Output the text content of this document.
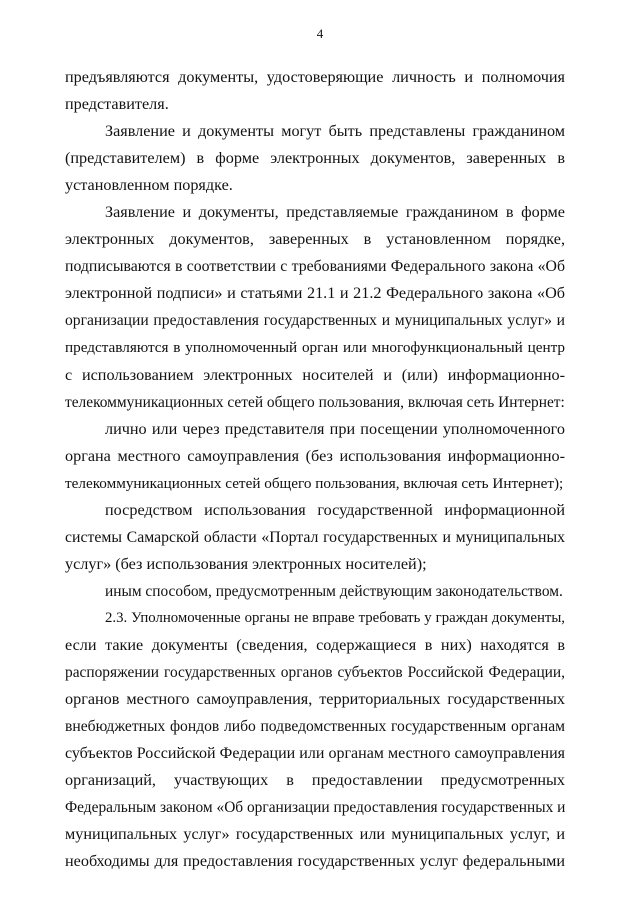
4
предъявляются документы, удостоверяющие личность и полномочия
представителя.
Заявление и документы могут быть представлены гражданином
(представителем) в форме электронных документов, заверенных в
установленном порядке.
Заявление и документы, представляемые гражданином в форме
электронных документов, заверенных в установленном порядке,
подписываются в соответствии с требованиями Федерального закона «Об
электронной подписи» и статьями 21.1 и 21.2 Федерального закона «Об
организации предоставления государственных и муниципальных услуг» и
представляются в уполномоченный орган или многофункциональный центр
с использованием электронных носителей и (или) информационно-
телекоммуникационных сетей общего пользования, включая сеть Интернет:
лично или через представителя при посещении уполномоченного
органа местного самоуправления (без использования информационно-
телекоммуникационных сетей общего пользования, включая сеть Интернет);
посредством использования государственной информационной
системы Самарской области «Портал государственных и муниципальных
услуг» (без использования электронных носителей);
иным способом, предусмотренным действующим законодательством.
2.3. Уполномоченные органы не вправе требовать у граждан документы,
если такие документы (сведения, содержащиеся в них) находятся в
распоряжении государственных органов субъектов Российской Федерации,
органов местного самоуправления, территориальных государственных
внебюджетных фондов либо подведомственных государственным органам
субъектов Российской Федерации или органам местного самоуправления
организаций, участвующих в предоставлении предусмотренных
Федеральным законом «Об организации предоставления государственных и
муниципальных услуг» государственных или муниципальных услуг, и
необходимы для предоставления государственных услуг федеральными
